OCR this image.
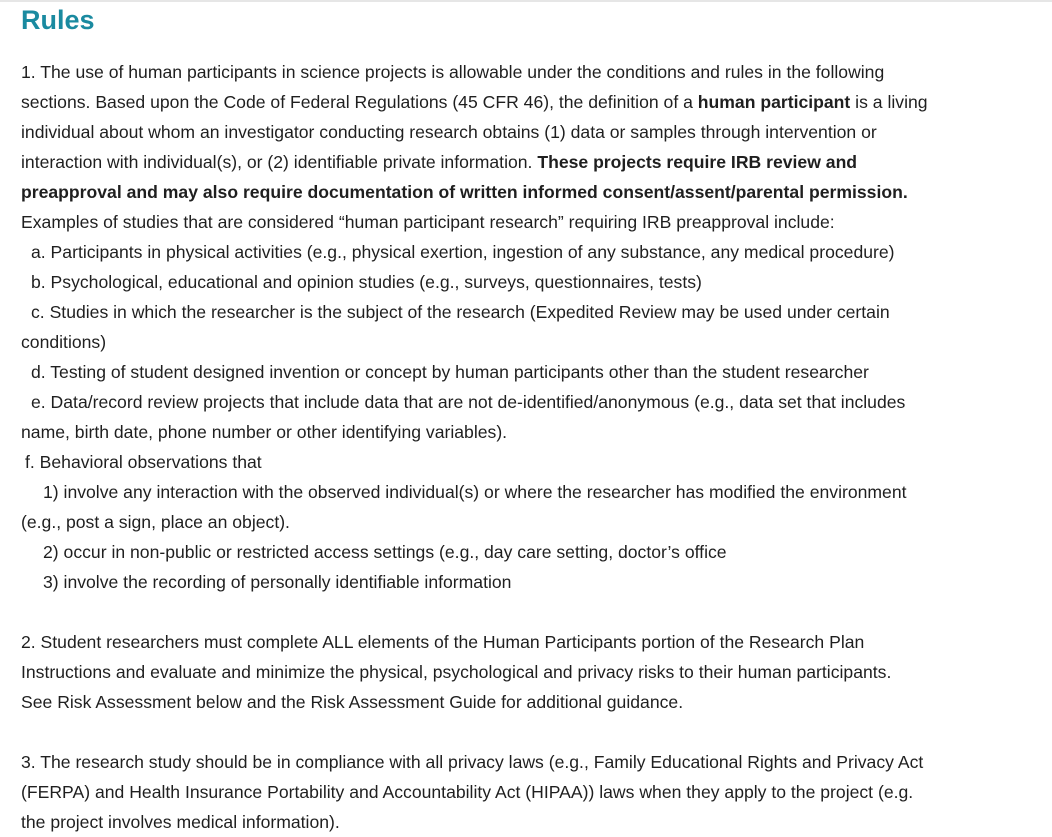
Rules
1. The use of human participants in science projects is allowable under the conditions and rules in the following
sections. Based upon the Code of Federal Regulations (45 CFR 46), the definition of a human participant is a living
individual about whom an investigator conducting research obtains (1) data or samples through intervention or
interaction with individual(s), or (2) identifiable private information. These projects require IRB review and
preapproval and may also require documentation of written informed consent/assent/parental permission.
Examples of studies that are considered “human participant research” requiring IRB preapproval include:
a. Participants in physical activities (e.g., physical exertion, ingestion of any substance, any medical procedure)
b. Psychological, educational and opinion studies (e.g., surveys, questionnaires, tests)
c. Studies in which the researcher is the subject of the research (Expedited Review may be used under certain
conditions)
d. Testing of student designed invention or concept by human participants other than the student researcher
e. Data/record review projects that include data that are not de-identified/anonymous (e.g., data set that includes
name, birth date, phone number or other identifying variables).
f. Behavioral observations that
1) involve any interaction with the observed individual(s) or where the researcher has modified the environment
(e.g., post a sign, place an object).
2) occur in non-public or restricted access settings (e.g., day care setting, doctor’s office
3) involve the recording of personally identifiable information
2. Student researchers must complete ALL elements of the Human Participants portion of the Research Plan
Instructions and evaluate and minimize the physical, psychological and privacy risks to their human participants.
See Risk Assessment below and the Risk Assessment Guide for additional guidance.
3. The research study should be in compliance with all privacy laws (e.g., Family Educational Rights and Privacy Act
(FERPA) and Health Insurance Portability and Accountability Act (HIPAA)) laws when they apply to the project (e.g.
the project involves medical information).
